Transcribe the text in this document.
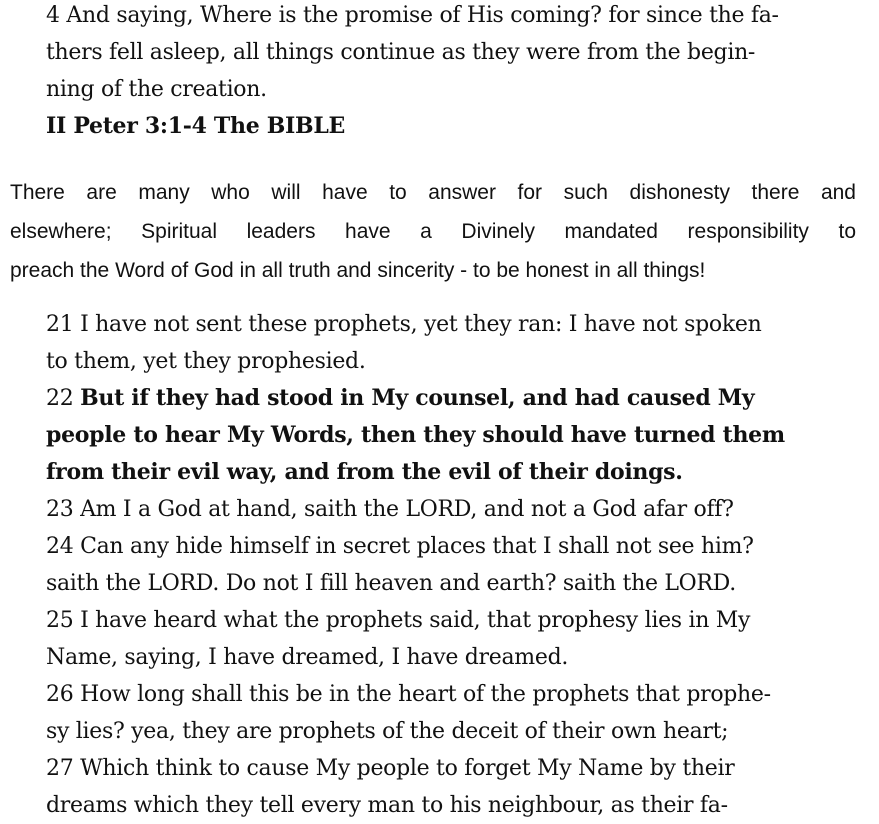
4 And saying, Where is the promise of His coming? for since the fa-
thers fell asleep, all things continue as they were from the begin-
ning of the creation.
II Peter 3:1-4 The BIBLE
There are many who will have to answer for such dishonesty there and
elsewhere; Spiritual leaders have a Divinely mandated responsibility to
preach the Word of God in all truth and sincerity - to be honest in all things!
21 I have not sent these prophets, yet they ran: I have not spoken
to them, yet they prophesied.
22 But if they had stood in My counsel, and had caused My
people to hear My Words, then they should have turned them
from their evil way, and from the evil of their doings.
23 Am I a God at hand, saith the LORD, and not a God afar off?
24 Can any hide himself in secret places that I shall not see him?
saith the LORD. Do not I fill heaven and earth? saith the LORD.
25 I have heard what the prophets said, that prophesy lies in My
Name, saying, I have dreamed, I have dreamed.
26 How long shall this be in the heart of the prophets that prophe-
sy lies? yea, they are prophets of the deceit of their own heart;
27 Which think to cause My people to forget My Name by their
dreams which they tell every man to his neighbour, as their fa-
